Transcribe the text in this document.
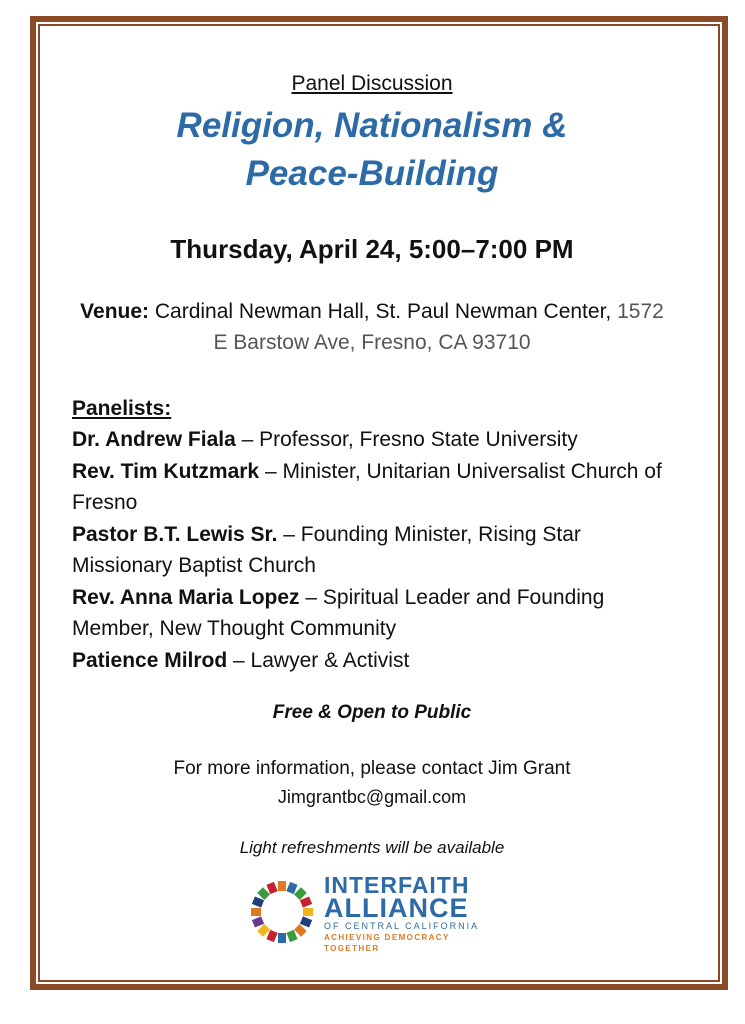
Panel Discussion

Religion, Nationalism &
Peace-Building
Thursday, April 24, 5:00–7:00 PM
Venue: Cardinal Newman Hall, St. Paul Newman Center, 1572 E Barstow Ave, Fresno, CA 93710
Panelists:
Dr. Andrew Fiala – Professor, Fresno State University
Rev. Tim Kutzmark – Minister, Unitarian Universalist Church of Fresno
Pastor B.T. Lewis Sr. – Founding Minister, Rising Star Missionary Baptist Church
Rev. Anna Maria Lopez – Spiritual Leader and Founding Member, New Thought Community
Patience Milrod – Lawyer & Activist
Free & Open to Public
For more information, please contact Jim Grant
Jimgrantbc@gmail.com
Light refreshments will be available
INTERFAITH
ALLIANCE
OF CENTRAL CALIFORNIA
ACHIEVING DEMOCRACY TOGETHER
